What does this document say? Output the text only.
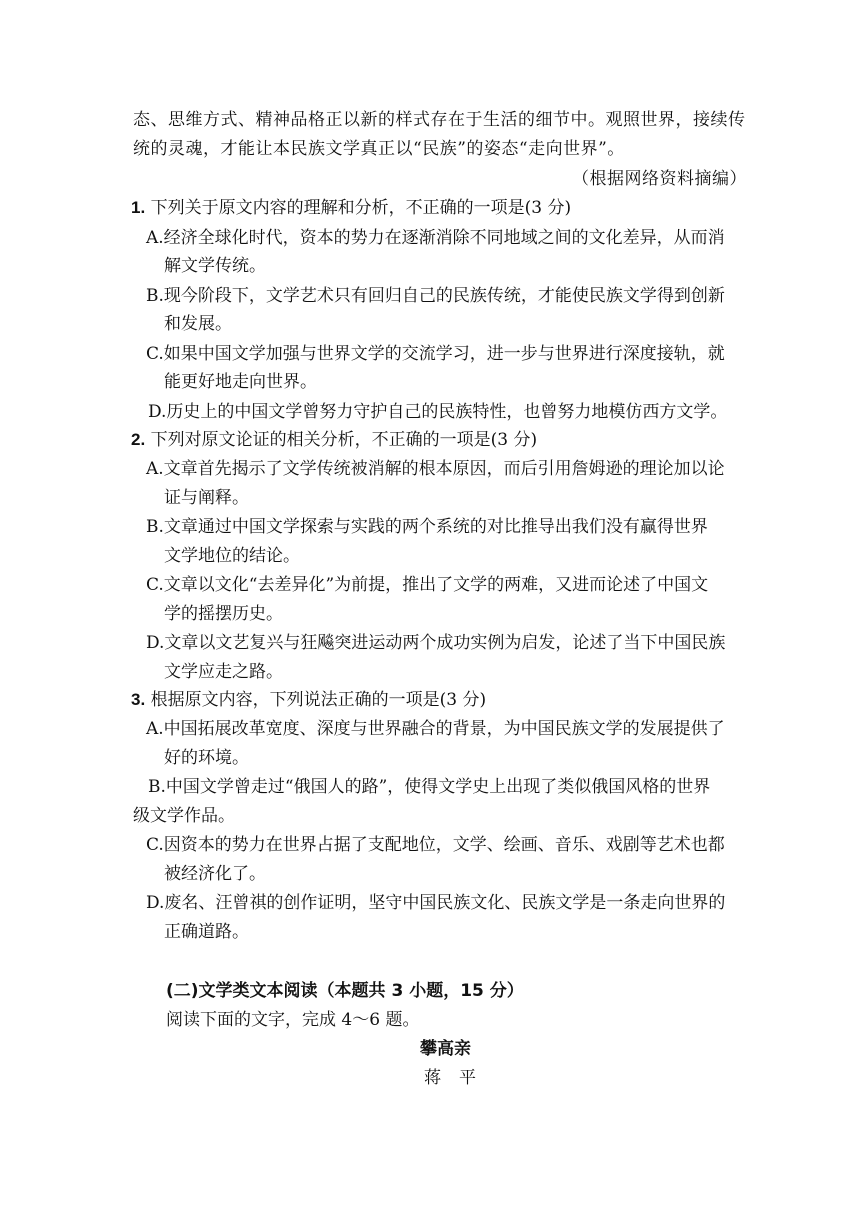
态、思维方式、精神品格正以新的样式存在于生活的细节中。观照世界，接续传
统的灵魂，才能让本民族文学真正以“民族”的姿态“走向世界”。
（根据网络资料摘编）
1. 下列关于原文内容的理解和分析，不正确的一项是(3 分)
A.经济全球化时代，资本的势力在逐渐消除不同地域之间的文化差异，从而消
解文学传统。
B.现今阶段下，文学艺术只有回归自己的民族传统，才能使民族文学得到创新
和发展。
C.如果中国文学加强与世界文学的交流学习，进一步与世界进行深度接轨，就
能更好地走向世界。
D.历史上的中国文学曾努力守护自己的民族特性，也曾努力地模仿西方文学。
2. 下列对原文论证的相关分析，不正确的一项是(3 分)
A.文章首先揭示了文学传统被消解的根本原因，而后引用詹姆逊的理论加以论
证与阐释。
B.文章通过中国文学探索与实践的两个系统的对比推导出我们没有赢得世界
文学地位的结论。
C.文章以文化“去差异化”为前提，推出了文学的两难，又进而论述了中国文
学的摇摆历史。
D.文章以文艺复兴与狂飚突进运动两个成功实例为启发，论述了当下中国民族
文学应走之路。
3. 根据原文内容，下列说法正确的一项是(3 分)
A.中国拓展改革宽度、深度与世界融合的背景，为中国民族文学的发展提供了
好的环境。
B.中国文学曾走过“俄国人的路”，使得文学史上出现了类似俄国风格的世界
级文学作品。
C.因资本的势力在世界占据了支配地位，文学、绘画、音乐、戏剧等艺术也都
被经济化了。
D.废名、汪曾祺的创作证明，坚守中国民族文化、民族文学是一条走向世界的
正确道路。
(二)文学类文本阅读（本题共 3 小题，15 分）
阅读下面的文字，完成 4～6 题。
攀高亲
蒋　平
